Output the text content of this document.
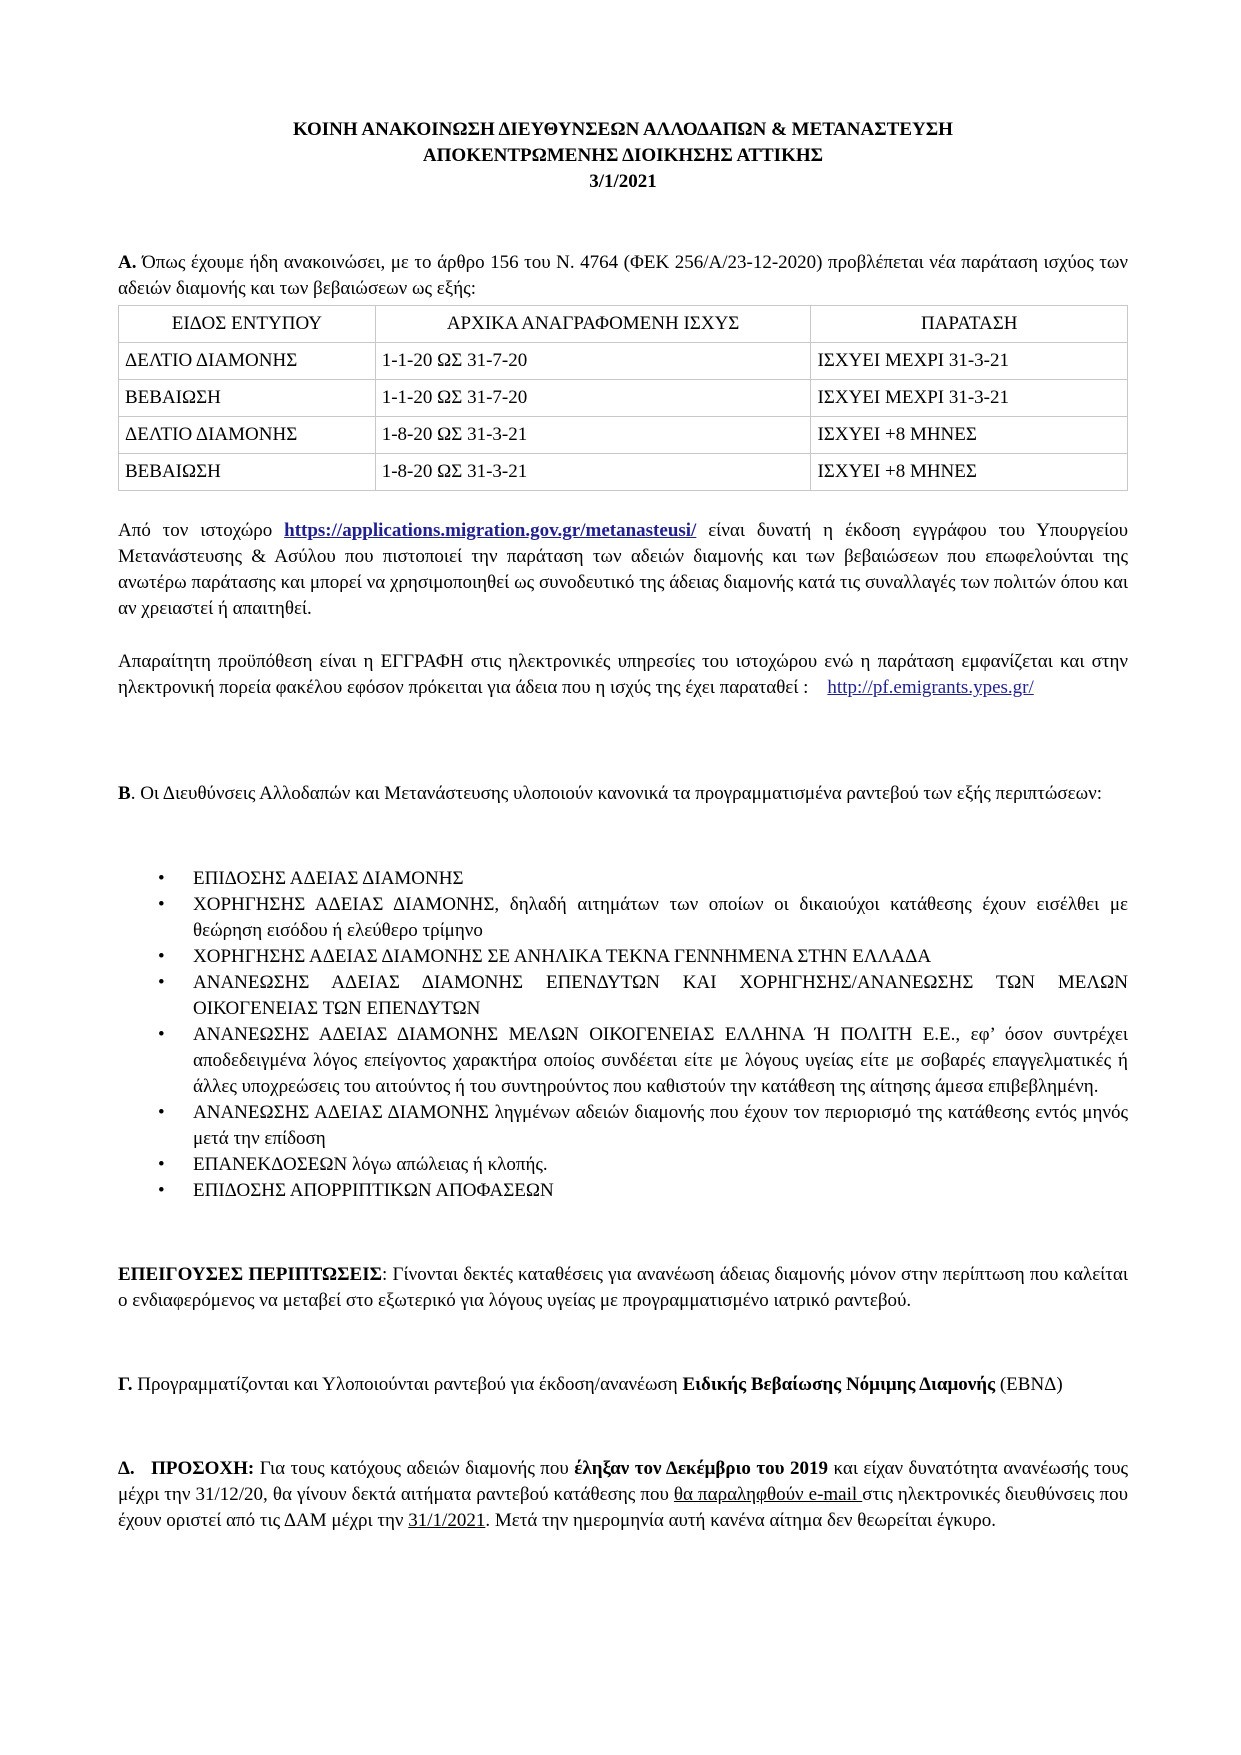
ΚΟΙΝΗ ΑΝΑΚΟΙΝΩΣΗ ΔΙΕΥΘΥΝΣΕΩΝ ΑΛΛΟΔΑΠΩΝ & ΜΕΤΑΝΑΣΤΕΥΣΗ
ΑΠΟΚΕΝΤΡΩΜΕΝΗΣ ΔΙΟΙΚΗΣΗΣ ΑΤΤΙΚΗΣ
3/1/2021

Α. Όπως έχουμε ήδη ανακοινώσει, με το άρθρο 156 του Ν. 4764 (ΦΕΚ 256/Α/23-12-2020) προβλέπεται νέα παράταση ισχύος των αδειών διαμονής και των βεβαιώσεων ως εξής:

ΕΙΔΟΣ ΕΝΤΥΠΟΥ	ΑΡΧΙΚΑ ΑΝΑΓΡΑΦΟΜΕΝΗ ΙΣΧΥΣ	ΠΑΡΑΤΑΣΗ
ΔΕΛΤΙΟ ΔΙΑΜΟΝΗΣ	1-1-20 ΩΣ 31-7-20	ΙΣΧΥΕΙ ΜΕΧΡΙ 31-3-21
ΒΕΒΑΙΩΣΗ	1-1-20 ΩΣ 31-7-20	ΙΣΧΥΕΙ ΜΕΧΡΙ 31-3-21
ΔΕΛΤΙΟ ΔΙΑΜΟΝΗΣ	1-8-20 ΩΣ 31-3-21	ΙΣΧΥΕΙ +8 ΜΗΝΕΣ
ΒΕΒΑΙΩΣΗ	1-8-20 ΩΣ 31-3-21	ΙΣΧΥΕΙ +8 ΜΗΝΕΣ

Από τον ιστοχώρο https://applications.migration.gov.gr/metanasteusi/ είναι δυνατή η έκδοση εγγράφου του Υπουργείου Μετανάστευσης & Ασύλου που πιστοποιεί την παράταση των αδειών διαμονής και των βεβαιώσεων που επωφελούνται της ανωτέρω παράτασης και μπορεί να χρησιμοποιηθεί ως συνοδευτικό της άδειας διαμονής κατά τις συναλλαγές των πολιτών όπου και αν χρειαστεί ή απαιτηθεί.

Απαραίτητη προϋπόθεση είναι η ΕΓΓΡΑΦΗ στις ηλεκτρονικές υπηρεσίες του ιστοχώρου ενώ η παράταση εμφανίζεται και στην ηλεκτρονική πορεία φακέλου εφόσον πρόκειται για άδεια που η ισχύς της έχει παραταθεί :    http://pf.emigrants.ypes.gr/

Β. Οι Διευθύνσεις Αλλοδαπών και Μετανάστευσης υλοποιούν κανονικά τα προγραμματισμένα ραντεβού των εξής περιπτώσεων:

• ΕΠΙΔΟΣΗΣ ΑΔΕΙΑΣ ΔΙΑΜΟΝΗΣ
• ΧΟΡΗΓΗΣΗΣ ΑΔΕΙΑΣ ΔΙΑΜΟΝΗΣ, δηλαδή αιτημάτων των οποίων οι δικαιούχοι κατάθεσης έχουν εισέλθει με θεώρηση εισόδου ή ελεύθερο τρίμηνο
• ΧΟΡΗΓΗΣΗΣ ΑΔΕΙΑΣ ΔΙΑΜΟΝΗΣ ΣΕ ΑΝΗΛΙΚΑ ΤΕΚΝΑ ΓΕΝΝΗΜΕΝΑ ΣΤΗΝ ΕΛΛΑΔΑ
• ΑΝΑΝΕΩΣΗΣ ΑΔΕΙΑΣ ΔΙΑΜΟΝΗΣ ΕΠΕΝΔΥΤΩΝ ΚΑΙ ΧΟΡΗΓΗΣΗΣ/ΑΝΑΝΕΩΣΗΣ ΤΩΝ ΜΕΛΩΝ ΟΙΚΟΓΕΝΕΙΑΣ ΤΩΝ ΕΠΕΝΔΥΤΩΝ
• ΑΝΑΝΕΩΣΗΣ ΑΔΕΙΑΣ ΔΙΑΜΟΝΗΣ ΜΕΛΩΝ ΟΙΚΟΓΕΝΕΙΑΣ ΕΛΛΗΝΑ Ή ΠΟΛΙΤΗ Ε.Ε., εφ’ όσον συντρέχει αποδεδειγμένα λόγος επείγοντος χαρακτήρα οποίος συνδέεται είτε με λόγους υγείας είτε με σοβαρές επαγγελματικές ή άλλες υποχρεώσεις του αιτούντος ή του συντηρούντος που καθιστούν την κατάθεση της αίτησης άμεσα επιβεβλημένη.
• ΑΝΑΝΕΩΣΗΣ ΑΔΕΙΑΣ ΔΙΑΜΟΝΗΣ ληγμένων αδειών διαμονής που έχουν τον περιορισμό της κατάθεσης εντός μηνός μετά την επίδοση
• ΕΠΑΝΕΚΔΟΣΕΩΝ λόγω απώλειας ή κλοπής.
• ΕΠΙΔΟΣΗΣ ΑΠΟΡΡΙΠΤΙΚΩΝ ΑΠΟΦΑΣΕΩΝ

ΕΠΕΙΓΟΥΣΕΣ ΠΕΡΙΠΤΩΣΕΙΣ: Γίνονται δεκτές καταθέσεις για ανανέωση άδειας διαμονής μόνον στην περίπτωση που καλείται ο ενδιαφερόμενος να μεταβεί στο εξωτερικό για λόγους υγείας με προγραμματισμένο ιατρικό ραντεβού.

Γ. Προγραμματίζονται και Υλοποιούνται ραντεβού για έκδοση/ανανέωση Ειδικής Βεβαίωσης Νόμιμης Διαμονής (ΕΒΝΔ)

Δ.   ΠΡΟΣΟΧΗ: Για τους κατόχους αδειών διαμονής που έληξαν τον Δεκέμβριο του 2019 και είχαν δυνατότητα ανανέωσής τους μέχρι την 31/12/20, θα γίνουν δεκτά αιτήματα ραντεβού κατάθεσης που θα παραληφθούν e-mail στις ηλεκτρονικές διευθύνσεις που έχουν οριστεί από τις ΔΑΜ μέχρι την 31/1/2021. Μετά την ημερομηνία αυτή κανένα αίτημα δεν θεωρείται έγκυρο.
